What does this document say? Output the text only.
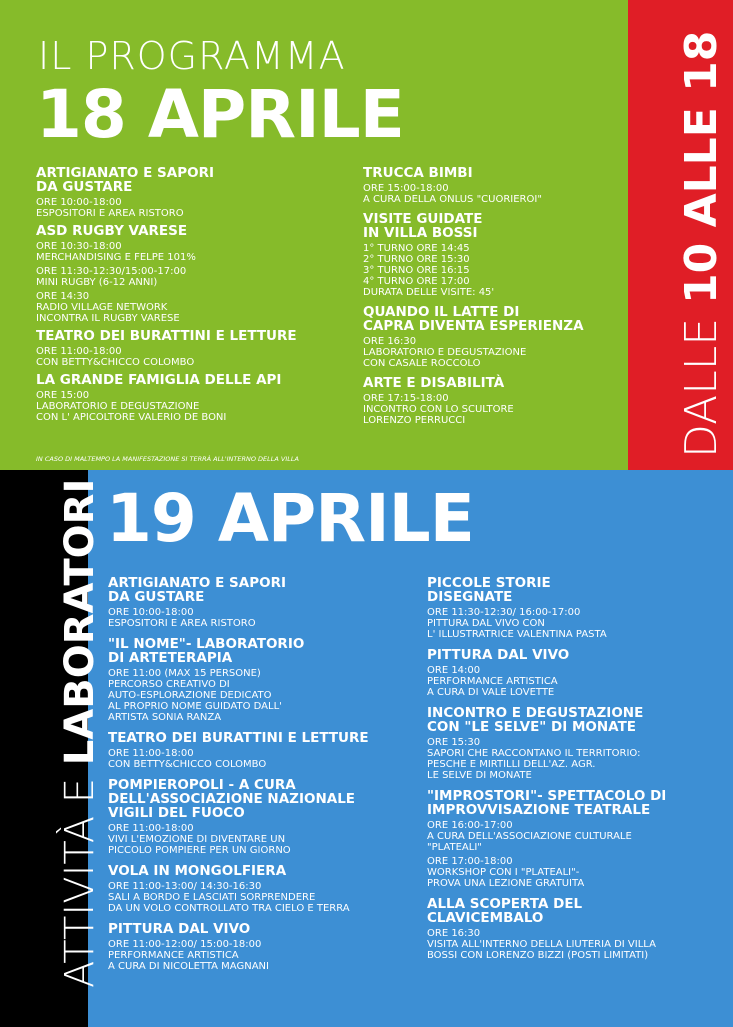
IL PROGRAMMA
18 APRILE
ARTIGIANATO E SAPORI
DA GUSTARE
ORE 10:00-18:00
ESPOSITORI E AREA RISTORO
ASD RUGBY VARESE
ORE 10:30-18:00
MERCHANDISING E FELPE 101%
ORE 11:30-12:30/15:00-17:00
MINI RUGBY (6-12 ANNI)
ORE 14:30
RADIO VILLAGE NETWORK
INCONTRA IL RUGBY VARESE
TEATRO DEI BURATTINI E LETTURE
ORE 11:00-18:00
CON BETTY&CHICCO COLOMBO
LA GRANDE FAMIGLIA DELLE API
ORE 15:00
LABORATORIO E DEGUSTAZIONE
CON L' APICOLTORE VALERIO DE BONI
TRUCCA BIMBI
ORE 15:00-18:00
A CURA DELLA ONLUS "CUORIEROI"
VISITE GUIDATE
IN VILLA BOSSI
1° TURNO ORE 14:45
2° TURNO ORE 15:30
3° TURNO ORE 16:15
4° TURNO ORE 17:00
DURATA DELLE VISITE: 45'
QUANDO IL LATTE DI
CAPRA DIVENTA ESPERIENZA
ORE 16:30
LABORATORIO E DEGUSTAZIONE
CON CASALE ROCCOLO
ARTE E DISABILITÀ
ORE 17:15-18:00
INCONTRO CON LO SCULTORE
LORENZO PERRUCCI
IN CASO DI MALTEMPO LA MANIFESTAZIONE SI TERRÀ ALL'INTERNO DELLA VILLA
DALLE 10 ALLE 18
19 APRILE
ARTIGIANATO E SAPORI
DA GUSTARE
ORE 10:00-18:00
ESPOSITORI E AREA RISTORO
"IL NOME"- LABORATORIO
DI ARTETERAPIA
ORE 11:00 (MAX 15 PERSONE)
PERCORSO CREATIVO DI
AUTO-ESPLORAZIONE DEDICATO
AL PROPRIO NOME GUIDATO DALL'
ARTISTA SONIA RANZA
TEATRO DEI BURATTINI E LETTURE
ORE 11:00-18:00
CON BETTY&CHICCO COLOMBO
POMPIEROPOLI - A CURA
DELL'ASSOCIAZIONE NAZIONALE
VIGILI DEL FUOCO
ORE 11:00-18:00
VIVI L'EMOZIONE DI DIVENTARE UN
PICCOLO POMPIERE PER UN GIORNO
VOLA IN MONGOLFIERA
ORE 11:00-13:00/ 14:30-16:30
SALI A BORDO E LASCIATI SORPRENDERE
DA UN VOLO CONTROLLATO TRA CIELO E TERRA
PITTURA DAL VIVO
ORE 11:00-12:00/ 15:00-18:00
PERFORMANCE ARTISTICA
A CURA DI NICOLETTA MAGNANI
PICCOLE STORIE
DISEGNATE
ORE 11:30-12:30/ 16:00-17:00
PITTURA DAL VIVO CON
L' ILLUSTRATRICE VALENTINA PASTA
PITTURA DAL VIVO
ORE 14:00
PERFORMANCE ARTISTICA
A CURA DI VALE LOVETTE
INCONTRO E DEGUSTAZIONE
CON "LE SELVE" DI MONATE
ORE 15:30
SAPORI CHE RACCONTANO IL TERRITORIO:
PESCHE E MIRTILLI DELL'AZ. AGR.
LE SELVE DI MONATE
"IMPROSTORI"- SPETTACOLO DI
IMPROVVISAZIONE TEATRALE
ORE 16:00-17:00
A CURA DELL'ASSOCIAZIONE CULTURALE
"PLATEALI"
ORE 17:00-18:00
WORKSHOP CON I "PLATEALI"-
PROVA UNA LEZIONE GRATUITA
ALLA SCOPERTA DEL
CLAVICEMBALO
ORE 16:30
VISITA ALL'INTERNO DELLA LIUTERIA DI VILLA
BOSSI CON LORENZO BIZZI (POSTI LIMITATI)
ATTIVITÀ E LABORATORI
